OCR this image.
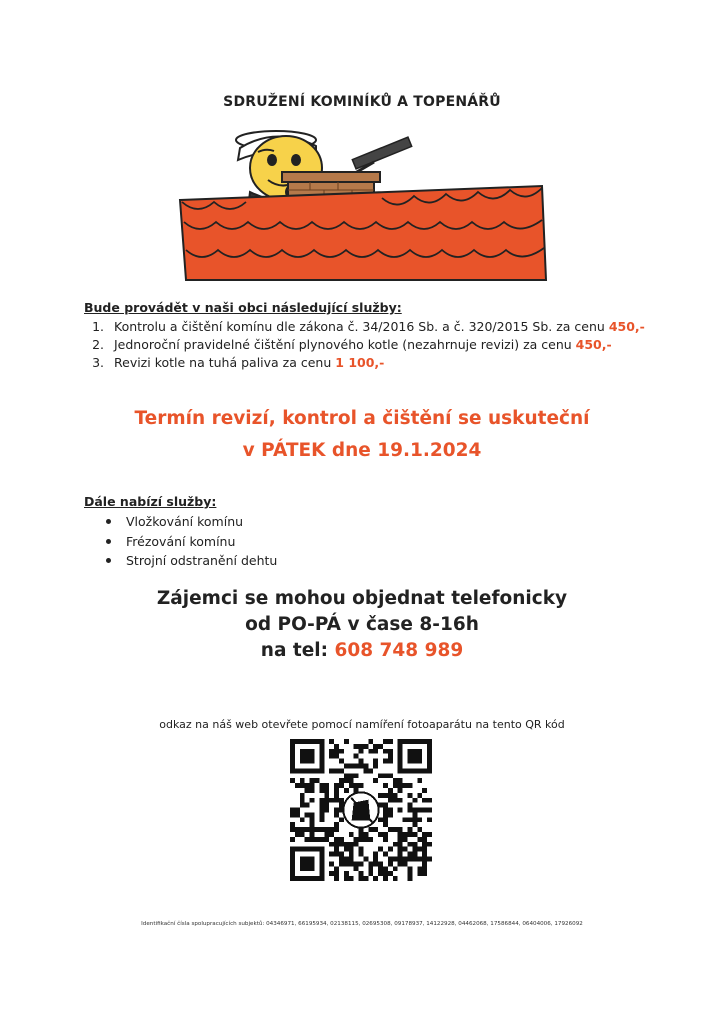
SDRUŽENÍ KOMINÍKŮ A TOPENÁŘŮ
Bude provádět v naši obci následující služby:
1. Kontrolu a čištění komínu dle zákona č. 34/2016 Sb. a č. 320/2015 Sb. za cenu 450,-
2. Jednoroční pravidelné čištění plynového kotle (nezahrnuje revizi) za cenu 450,-
3. Revizi kotle na tuhá paliva za cenu 1 100,-
Termín revizí, kontrol a čištění se uskuteční
v PÁTEK dne 19.1.2024
Dále nabízí služby:
Vložkování komínu
Frézování komínu
Strojní odstranění dehtu
Zájemci se mohou objednat telefonicky
od PO-PÁ v čase 8-16h
na tel: 608 748 989
odkaz na náš web otevřete pomocí namíření fotoaparátu na tento QR kód
Identifikační čísla spolupracujících subjektů: 04346971, 66195934, 02138115, 02695308, 09178937, 14122928, 04462068, 17586844, 06404006, 17926092
